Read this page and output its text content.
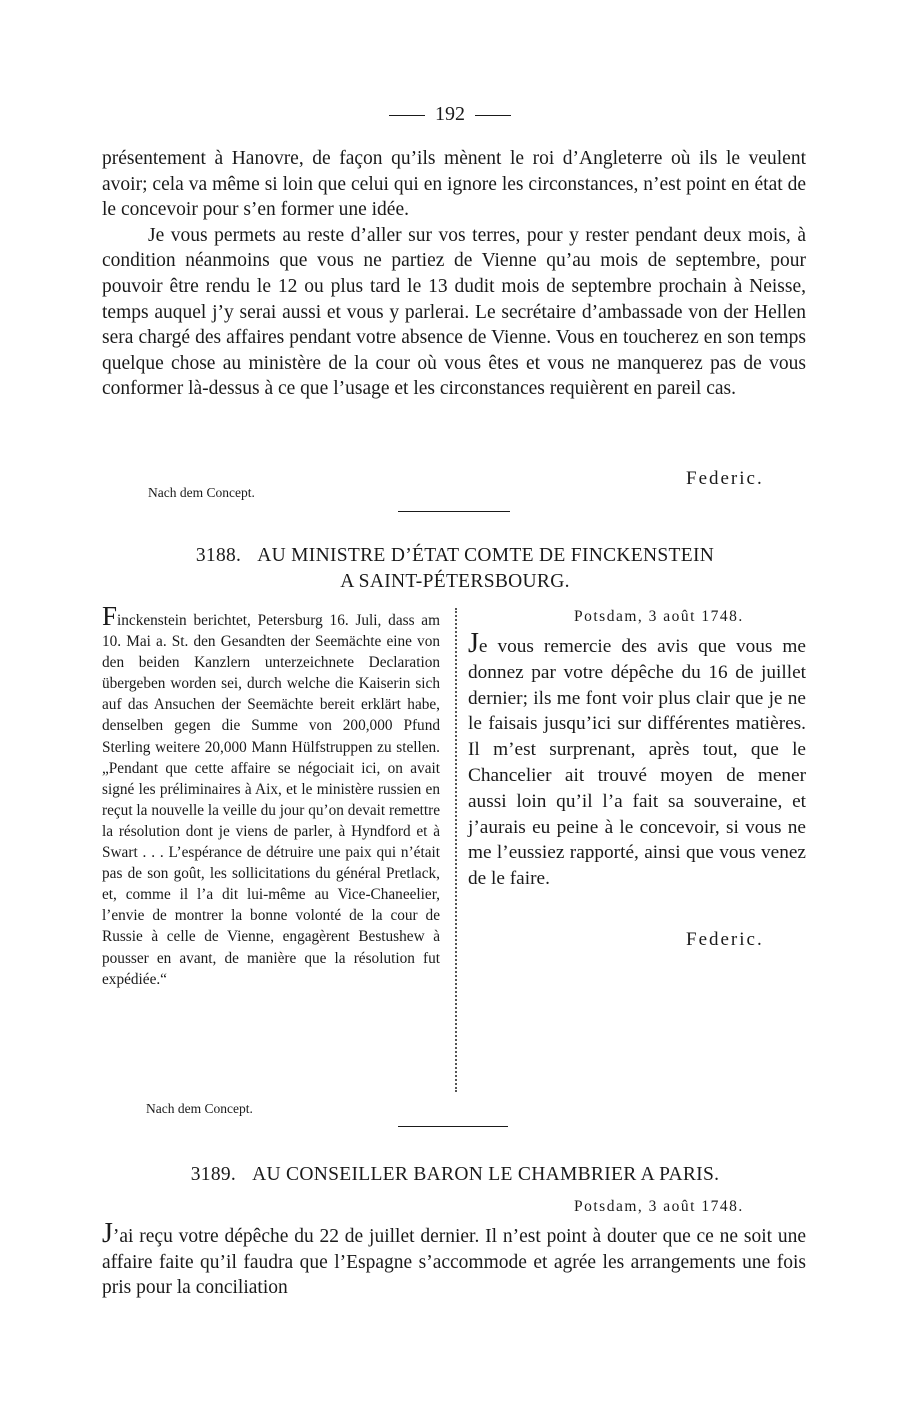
192

présentement à Hanovre, de façon qu’ils mènent le roi d’Angleterre où ils le veulent avoir; cela va même si loin que celui qui en ignore les circonstances, n’est point en état de le concevoir pour s’en former une idée.

Je vous permets au reste d’aller sur vos terres, pour y rester pendant deux mois, à condition néanmoins que vous ne partiez de Vienne qu’au mois de septembre, pour pouvoir être rendu le 12 ou plus tard le 13 dudit mois de septembre prochain à Neisse, temps auquel j’y serai aussi et vous y parlerai. Le secrétaire d’ambassade von der Hellen sera chargé des affaires pendant votre absence de Vienne. Vous en toucherez en son temps quelque chose au ministère de la cour où vous êtes et vous ne manquerez pas de vous conformer là-dessus à ce que l’usage et les circonstances requièrent en pareil cas.

Federic.
Nach dem Concept.
3188. AU MINISTRE D’ÉTAT COMTE DE FINCKENSTEIN
A SAINT-PÉTERSBOURG.

Finckenstein berichtet, Petersburg 16. Juli, dass am 10. Mai a. St. den Gesandten der Seemächte eine von den beiden Kanzlern unterzeichnete Declaration übergeben worden sei, durch welche die Kaiserin sich auf das Ansuchen der Seemächte bereit erklärt habe, denselben gegen die Summe von 200,000 Pfund Sterling weitere 20,000 Mann Hülfstruppen zu stellen. „Pendant que cette affaire se négociait ici, on avait signé les préliminaires à Aix, et le ministère russien en reçut la nouvelle la veille du jour qu’on devait remettre la résolution dont je viens de parler, à Hyndford et à Swart . . . L’espérance de détruire une paix qui n’était pas de son goût, les sollicitations du général Pretlack, et, comme il l’a dit lui-même au Vice-Chaneelier, l’envie de montrer la bonne volonté de la cour de Russie à celle de Vienne, engagèrent Bestushew à pousser en avant, de manière que la résolution fut expédiée.“

Nach dem Concept.
Potsdam, 3 août 1748.

Je vous remercie des avis que vous me donnez par votre dépêche du 16 de juillet dernier; ils me font voir plus clair que je ne le faisais jusqu’ici sur différentes matières. Il m’est surprenant, après tout, que le Chancelier ait trouvé moyen de mener aussi loin qu’il l’a fait sa souveraine, et j’aurais eu peine à le concevoir, si vous ne me l’eussiez rapporté, ainsi que vous venez de le faire.

Federic.
3189. AU CONSEILLER BARON LE CHAMBRIER A PARIS.
Potsdam, 3 août 1748.

J’ai reçu votre dépêche du 22 de juillet dernier. Il n’est point à douter que ce ne soit une affaire faite qu’il faudra que l’Espagne s’accommode et agrée les arrangements une fois pris pour la conciliation
